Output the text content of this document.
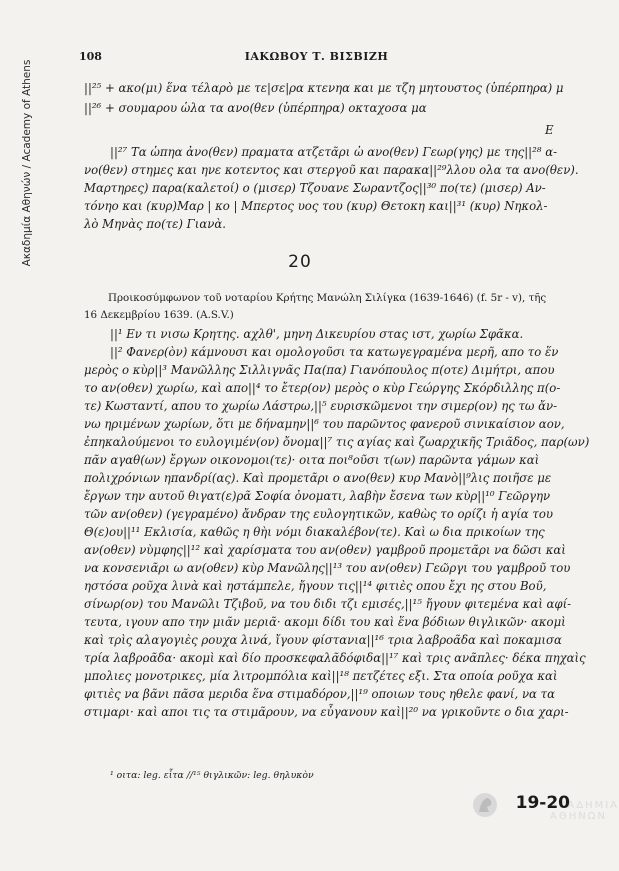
Ακαδημία Αθηνών / Academy of Athens
108	ΙΑΚΩΒΟΥ Τ. ΒΙΣΒΙΖΗ
||²⁵ + ακο(μι) ἕνα τέλαρὸ με τε|σε|ρα κτενηα και με τζη μητουστος (ὑπέρπηρα) μ
||²⁶ + σουμαρου ὡλα τα ανο(θεν (ὑπέρπηρα) οκταχοσα μα
Ε
||²⁷ Τα ὡπηα ἀνο(θεν) πραματα ατζετᾶρι ὠ ανο(θεν) Γεωρ(γης) με της||²⁸ α-
νο(θεν) στημες και ηνε κοτεντος και στεργοῦ και παρακα||²⁹λλου ολα τα ανο(θεν).
Μαρτηρες) παρα(καλετοί) ο (μισερ) Τζουανε Σωραντζος||³⁰ πο(τε) (μισερ) Αν-
τόνηο και (κυρ)Μαρ | κο | Μπερτος υος του (κυρ) Θετοκη και||³¹ (κυρ) Νηκολ-
λὸ Μηνὰς πο(τε) Γιανὰ.
20
Προικοσύμφωνον τοῦ νοταρίου Κρήτης Μανώλη Σιλίγκα (1639-1646) (f. 5r - v), τῆς
16 Δεκεμβρίου 1639. (A.S.V.)
||¹ Εν τι νισω Κρητης. αχλθ', μηνη Δικευρίου στας ιστ, χωρίω Σφᾶκα.
||² Φανερ(ὸν) κάμνουσι και ομολογοῦσι τα κατωγεγραμένα μερῆ, απο το ἕν
μερὸς ο κὺρ||³ Μανῶλλης Σιλλιγνᾶς Πα(πα) Γιανόπουλος π(οτε) Διμήτρι, απου
το αν(οθεν) χωρίω, καὶ απο||⁴ το ἔτερ(ον) μερὸς ο κὺρ Γεώργης Σκόρδιλλης π(ο-
τε) Κωσταντί, απου το χωρίω Λάστρω,||⁵ ευρισκῶμενοι την σιμερ(ον) ης τω ἄν-
νω ηριμένων χωρίων, ὅτι με δήναμην||⁶ του παρῶντος φανεροῦ σινικαίσιον αον,
ἐπηκαλούμενοι το ευλογιμέν(ον) ὄνομα||⁷ τις αγίας καὶ ζωαρχικῆς Τριᾶδος, παρ(ων)
πᾶν αγαθ(ων) ἔργων οικονομοι(τε)· οιτα ποι⁸οῦσι τ(ων) παρῶντα γάμων καὶ
πολιχρόνιων ηπανδρί(ας). Καὶ προμετᾶρι ο ανο(θεν) κυρ Μανὸ||⁹λις ποιῆσε με
ἔργων την αυτοῦ θιγατ(ε)ρᾶ Σοφία ὀνοματι, λαβὴν ἔσενα των κὺρ||¹⁰ Γεῶργην
τῶν αν(οθεν) (γεγραμένο) ἄνδραν της ευλογητικῶν, καθὼς το ορίζι ἡ αγία του
Θ(ε)ου||¹¹ Εκλισία, καθῶς η θὴι νόμι διακαλέβον(τε). Καὶ ω δια πρικοίων της
αν(οθεν) νὺμφης||¹² καὶ χαρίσματα του αν(οθεν) γαμβροῦ προμετᾶρι να δῶσι καὶ
να κονσενιᾶρι ω αν(οθεν) κὺρ Μανῶλης||¹³ του αν(οθεν) Γεῶργι του γαμβροῦ του
ηστόσα ροῦχα λινὰ καὶ ηστάμπελε, ἤγουν τις||¹⁴ φιτιὲς οπου ἔχι ης στου Βοῦ,
σίνωρ(ον) του Μανῶλι Τζιβοῦ, να του διδι τζι εμισές,||¹⁵ ἤγουν φιτεμένα καὶ αφί-
τευτα, ιγουν απο την μιᾶν μεριᾶ· ακομι δίδι του καὶ ἕνα βόδιων θιγλικῶν· ακομὶ
καὶ τρὶς αλαγογιὲς ρουχα λινά, ἴγουν φίστανια||¹⁶ τρια λαβροᾶδα καὶ ποκαμισα
τρία λαβροᾶδα· ακομὶ καὶ δίο προσκεφαλᾶδόφιδα||¹⁷ καὶ τρις ανᾶπλες· δέκα πηχαὶς
μπολιες μονοτρικες, μία λιτρομπόλια καὶ||¹⁸ πετζέτες εξι. Στα οποία ροῦχα καὶ
φιτιὲς να βᾶνι πᾶσα μεριδα ἕνα στιμαδόρον,||¹⁹ οποιων τους ηθελε φανί, να τα
στιμαρι· καὶ αποι τις τα στιμᾶρουν, να εὖγανουν καὶ||²⁰ να γρικοῦντε ο δια χαρι-
¹ οιτα: leg. εἶτα //¹⁵ θιγλικῶν: leg. θηλυκὸν
ΑΚΑΔΗΜΙΑ ΑΘΗΝΩΝ
19-20
